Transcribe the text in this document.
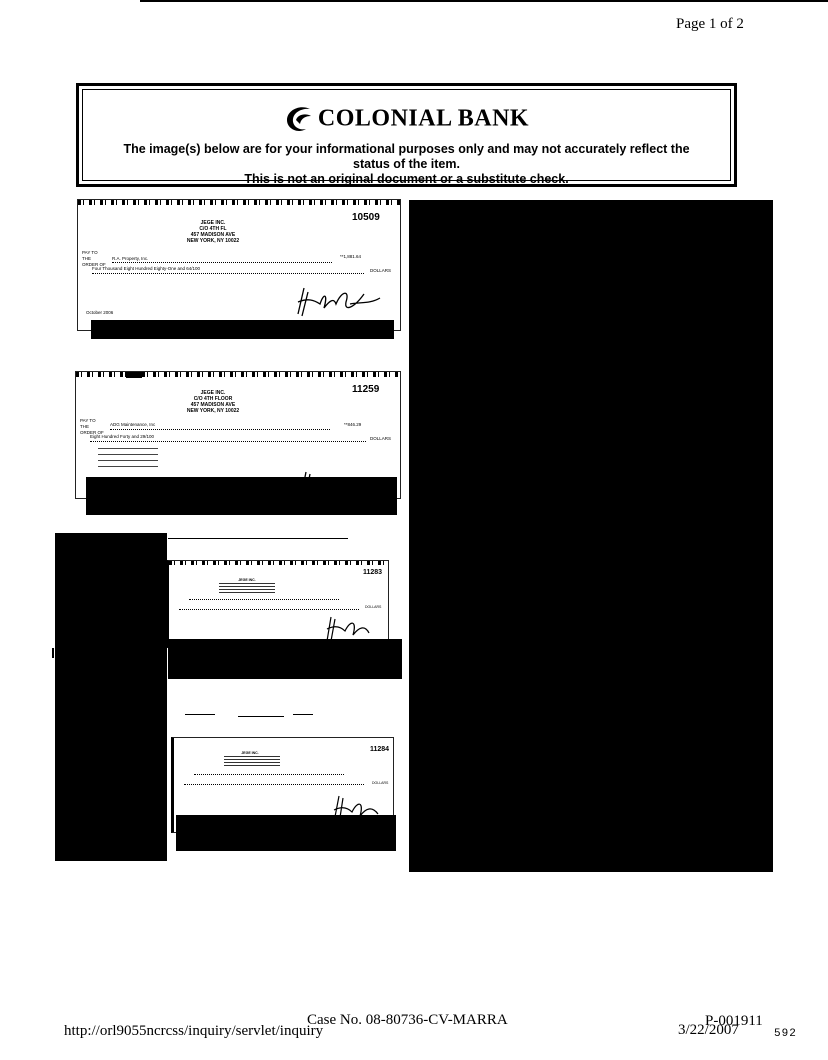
Page 1 of 2
COLONIAL BANK
The image(s) below are for your informational purposes only and may not accurately reflect the
status of the item.
This is not an original document or a substitute check.
10509
JEGE INC.
C/O 4TH FL
457 MADISON AVE
NEW YORK, NY 10022
PAY TO THE ORDER OF
R.A. Property, Inc.	**1,881.64
Four Thousand Eight Hundred Eighty-One and 64/100	DOLLARS
October 2006
11259
JEGE INC.
C/O 4TH FLOOR
457 MADISON AVE
NEW YORK, NY 10022
PAY TO THE ORDER OF
ADG Maintenance, Inc	**846.29
Eight Hundred Forty and 29/100	DOLLARS
11283
JEGE INC.
DOLLARS
11284
JEGE INC.
DOLLARS
Case No. 08-80736-CV-MARRA
http://orl9055ncrcss/inquiry/servlet/inquiry
P-001911
3/22/2007	592
